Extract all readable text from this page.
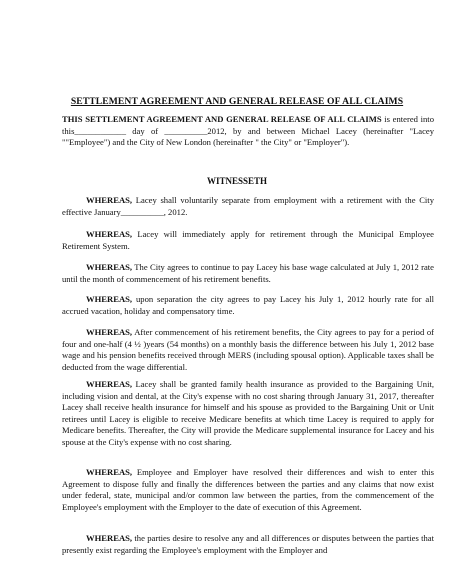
SETTLEMENT AGREEMENT AND GENERAL RELEASE OF ALL CLAIMS

THIS SETTLEMENT AGREEMENT AND GENERAL RELEASE OF ALL CLAIMS is entered into this____________ day of __________2012, by and between Michael Lacey (hereinafter "Lacey ""Employee") and the City of New London (hereinafter " the City" or "Employer").

WITNESSETH

WHEREAS, Lacey shall voluntarily separate from employment with a retirement with the City effective January__________, 2012.

WHEREAS, Lacey will immediately apply for retirement through the Municipal Employee Retirement System.

WHEREAS, The City agrees to continue to pay Lacey his base wage calculated at July 1, 2012 rate until the month of commencement of his retirement benefits.

WHEREAS, upon separation the city agrees to pay Lacey his July 1, 2012 hourly rate for all accrued vacation, holiday and compensatory time.

WHEREAS, After commencement of his retirement benefits, the City agrees to pay for a period of four and one-half (4 ½ )years (54 months) on a monthly basis the difference between his July 1, 2012 base wage and his pension benefits received through MERS (including spousal option). Applicable taxes shall be deducted from the wage differential.

WHEREAS, Lacey shall be granted family health insurance as provided to the Bargaining Unit, including vision and dental, at the City's expense with no cost sharing through January 31, 2017, thereafter Lacey shall receive health insurance for himself and his spouse as provided to the Bargaining Unit or Unit retirees until Lacey is eligible to receive Medicare benefits at which time Lacey is required to apply for Medicare benefits. Thereafter, the City will provide the Medicare supplemental insurance for Lacey and his spouse at the City's expense with no cost sharing.

WHEREAS, Employee and Employer have resolved their differences and wish to enter this Agreement to dispose fully and finally the differences between the parties and any claims that now exist under federal, state, municipal and/or common law between the parties, from the commencement of the Employee's employment with the Employer to the date of execution of this Agreement.

WHEREAS, the parties desire to resolve any and all differences or disputes between the parties that presently exist regarding the Employee's employment with the Employer and
